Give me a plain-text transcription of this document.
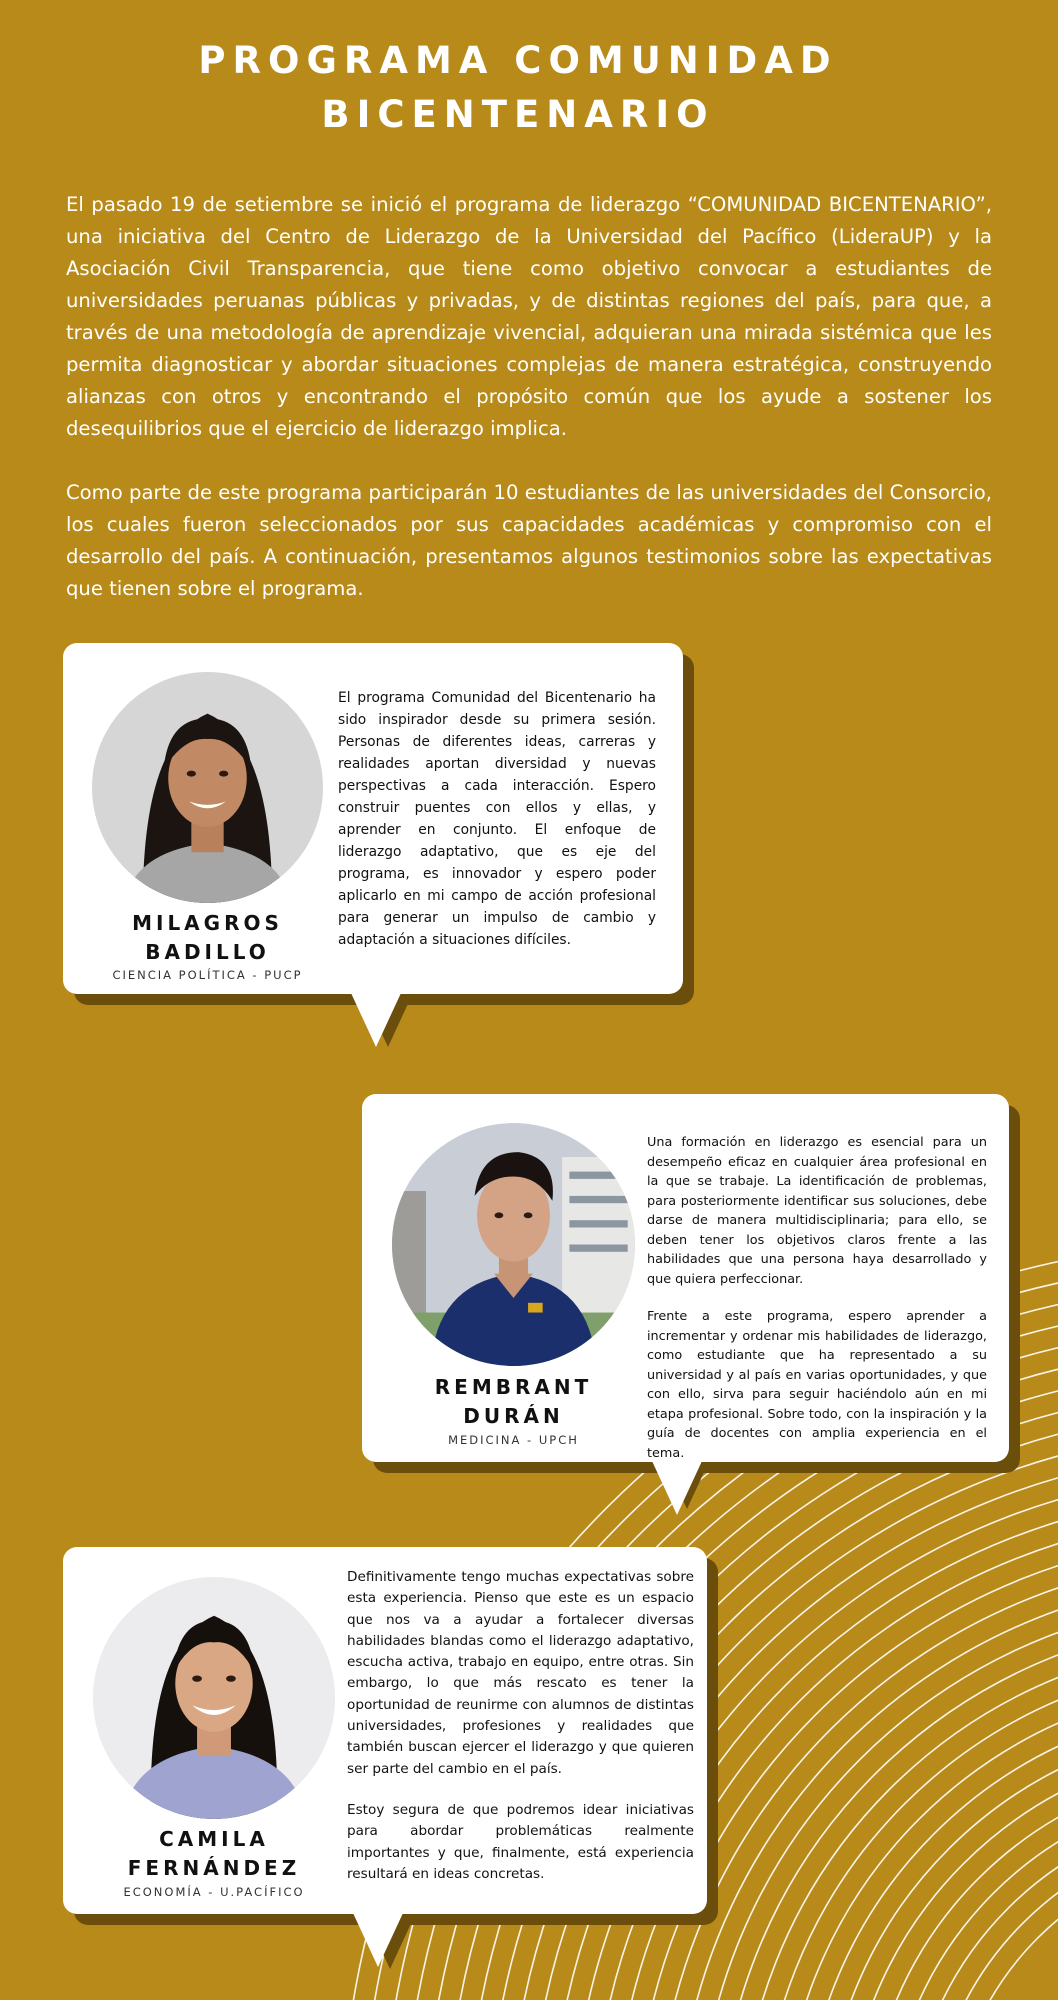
PROGRAMA COMUNIDAD
BICENTENARIO

El pasado 19 de setiembre se inició el programa de liderazgo “COMUNIDAD BICENTENARIO”, una iniciativa del Centro de Liderazgo de la Universidad del Pacífico (LideraUP) y la Asociación Civil Transparencia, que tiene como objetivo convocar a estudiantes de universidades peruanas públicas y privadas, y de distintas regiones del país, para que, a través de una metodología de aprendizaje vivencial, adquieran una mirada sistémica que les permita diagnosticar y abordar situaciones complejas de manera estratégica, construyendo alianzas con otros y encontrando el propósito común que los ayude a sostener los desequilibrios que el ejercicio de liderazgo implica.

Como parte de este programa participarán 10 estudiantes de las universidades del Consorcio, los cuales fueron seleccionados por sus capacidades académicas y compromiso con el desarrollo del país. A continuación, presentamos algunos testimonios sobre las expectativas que tienen sobre el programa.

MILAGROS
BADILLO
CIENCIA POLÍTICA - PUCP

El programa Comunidad del Bicentenario ha sido inspirador desde su primera sesión. Personas de diferentes ideas, carreras y realidades aportan diversidad y nuevas perspectivas a cada interacción. Espero construir puentes con ellos y ellas, y aprender en conjunto. El enfoque de liderazgo adaptativo, que es eje del programa, es innovador y espero poder aplicarlo en mi campo de acción profesional para generar un impulso de cambio y adaptación a situaciones difíciles.

REMBRANT
DURÁN
MEDICINA - UPCH

Una formación en liderazgo es esencial para un desempeño eficaz en cualquier área profesional en la que se trabaje. La identificación de problemas, para posteriormente identificar sus soluciones, debe darse de manera multidisciplinaria; para ello, se deben tener los objetivos claros frente a las habilidades que una persona haya desarrollado y que quiera perfeccionar.

Frente a este programa, espero aprender a incrementar y ordenar mis habilidades de liderazgo, como estudiante que ha representado a su universidad y al país en varias oportunidades, y que con ello, sirva para seguir haciéndolo aún en mi etapa profesional. Sobre todo, con la inspiración y la guía de docentes con amplia experiencia en el tema.

CAMILA
FERNÁNDEZ
ECONOMÍA - U.PACÍFICO

Definitivamente tengo muchas expectativas sobre esta experiencia. Pienso que este es un espacio que nos va a ayudar a fortalecer diversas habilidades blandas como el liderazgo adaptativo, escucha activa, trabajo en equipo, entre otras. Sin embargo, lo que más rescato es tener la oportunidad de reunirme con alumnos de distintas universidades, profesiones y realidades que también buscan ejercer el liderazgo y que quieren ser parte del cambio en el país.

Estoy segura de que podremos idear iniciativas para abordar problemáticas realmente importantes y que, finalmente, está experiencia resultará en ideas concretas.
